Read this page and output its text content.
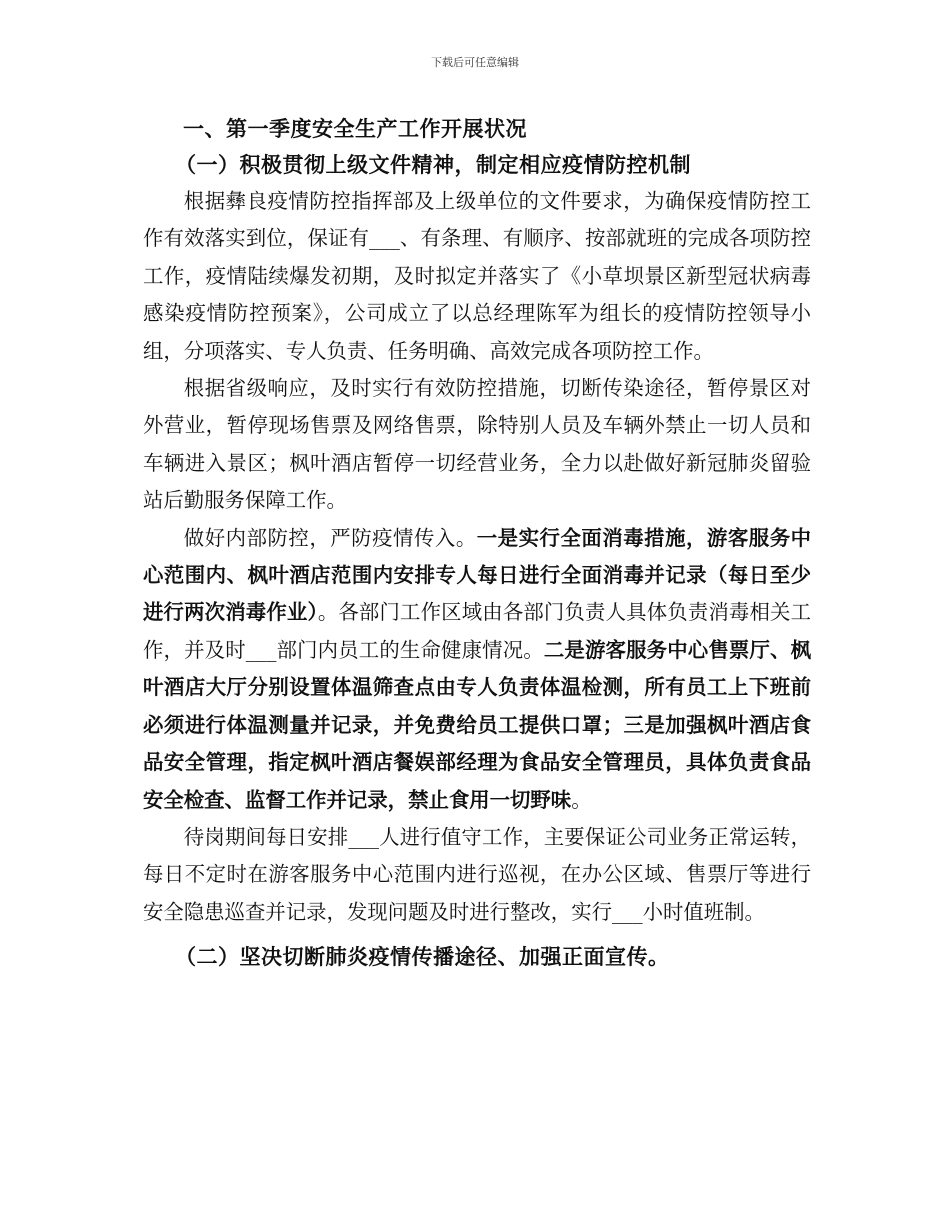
下载后可任意编辑
一、第一季度安全生产工作开展状况
（一）积极贯彻上级文件精神，制定相应疫情防控机制

根据彝良疫情防控指挥部及上级单位的文件要求，为确保疫情防控工作有效落实到位，保证有___、有条理、有顺序、按部就班的完成各项防控工作，疫情陆续爆发初期，及时拟定并落实了《小草坝景区新型冠状病毒感染疫情防控预案》，公司成立了以总经理陈军为组长的疫情防控领导小组，分项落实、专人负责、任务明确、高效完成各项防控工作。

根据省级响应，及时实行有效防控措施，切断传染途径，暂停景区对外营业，暂停现场售票及网络售票，除特别人员及车辆外禁止一切人员和车辆进入景区；枫叶酒店暂停一切经营业务，全力以赴做好新冠肺炎留验站后勤服务保障工作。

做好内部防控，严防疫情传入。一是实行全面消毒措施，游客服务中心范围内、枫叶酒店范围内安排专人每日进行全面消毒并记录（每日至少进行两次消毒作业）。各部门工作区域由各部门负责人具体负责消毒相关工作，并及时___部门内员工的生命健康情况。二是游客服务中心售票厅、枫叶酒店大厅分别设置体温筛查点由专人负责体温检测，所有员工上下班前必须进行体温测量并记录，并免费给员工提供口罩；三是加强枫叶酒店食品安全管理，指定枫叶酒店餐娱部经理为食品安全管理员，具体负责食品安全检查、监督工作并记录，禁止食用一切野味。

待岗期间每日安排___人进行值守工作，主要保证公司业务正常运转，每日不定时在游客服务中心范围内进行巡视，在办公区域、售票厅等进行安全隐患巡查并记录，发现问题及时进行整改，实行___小时值班制。

（二）坚决切断肺炎疫情传播途径、加强正面宣传。
